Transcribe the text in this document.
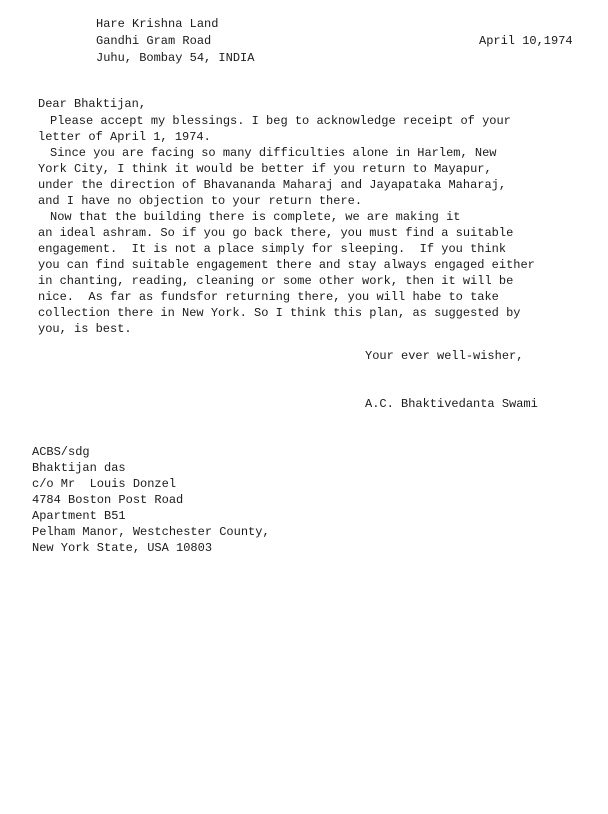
Hare Krishna Land
Gandhi Gram Road
Juhu, Bombay 54, INDIA
April 10,1974
Dear Bhaktijan,
Please accept my blessings. I beg to acknowledge receipt of your
letter of April 1, 1974.
Since you are facing so many difficulties alone in Harlem, New
York City, I think it would be better if you return to Mayapur,
under the direction of Bhavananda Maharaj and Jayapataka Maharaj,
and I have no objection to your return there.
Now that the building there is complete, we are making it
an ideal ashram. So if you go back there, you must find a suitable
engagement.  It is not a place simply for sleeping.  If you think
you can find suitable engagement there and stay always engaged either
in chanting, reading, cleaning or some other work, then it will be
nice.  As far as fundsfor returning there, you will habe to take
collection there in New York. So I think this plan, as suggested by
you, is best.
Your ever well-wisher,
A.C. Bhaktivedanta Swami
ACBS/sdg
Bhaktijan das
c/o Mr  Louis Donzel
4784 Boston Post Road
Apartment B51
Pelham Manor, Westchester County,
New York State, USA 10803
